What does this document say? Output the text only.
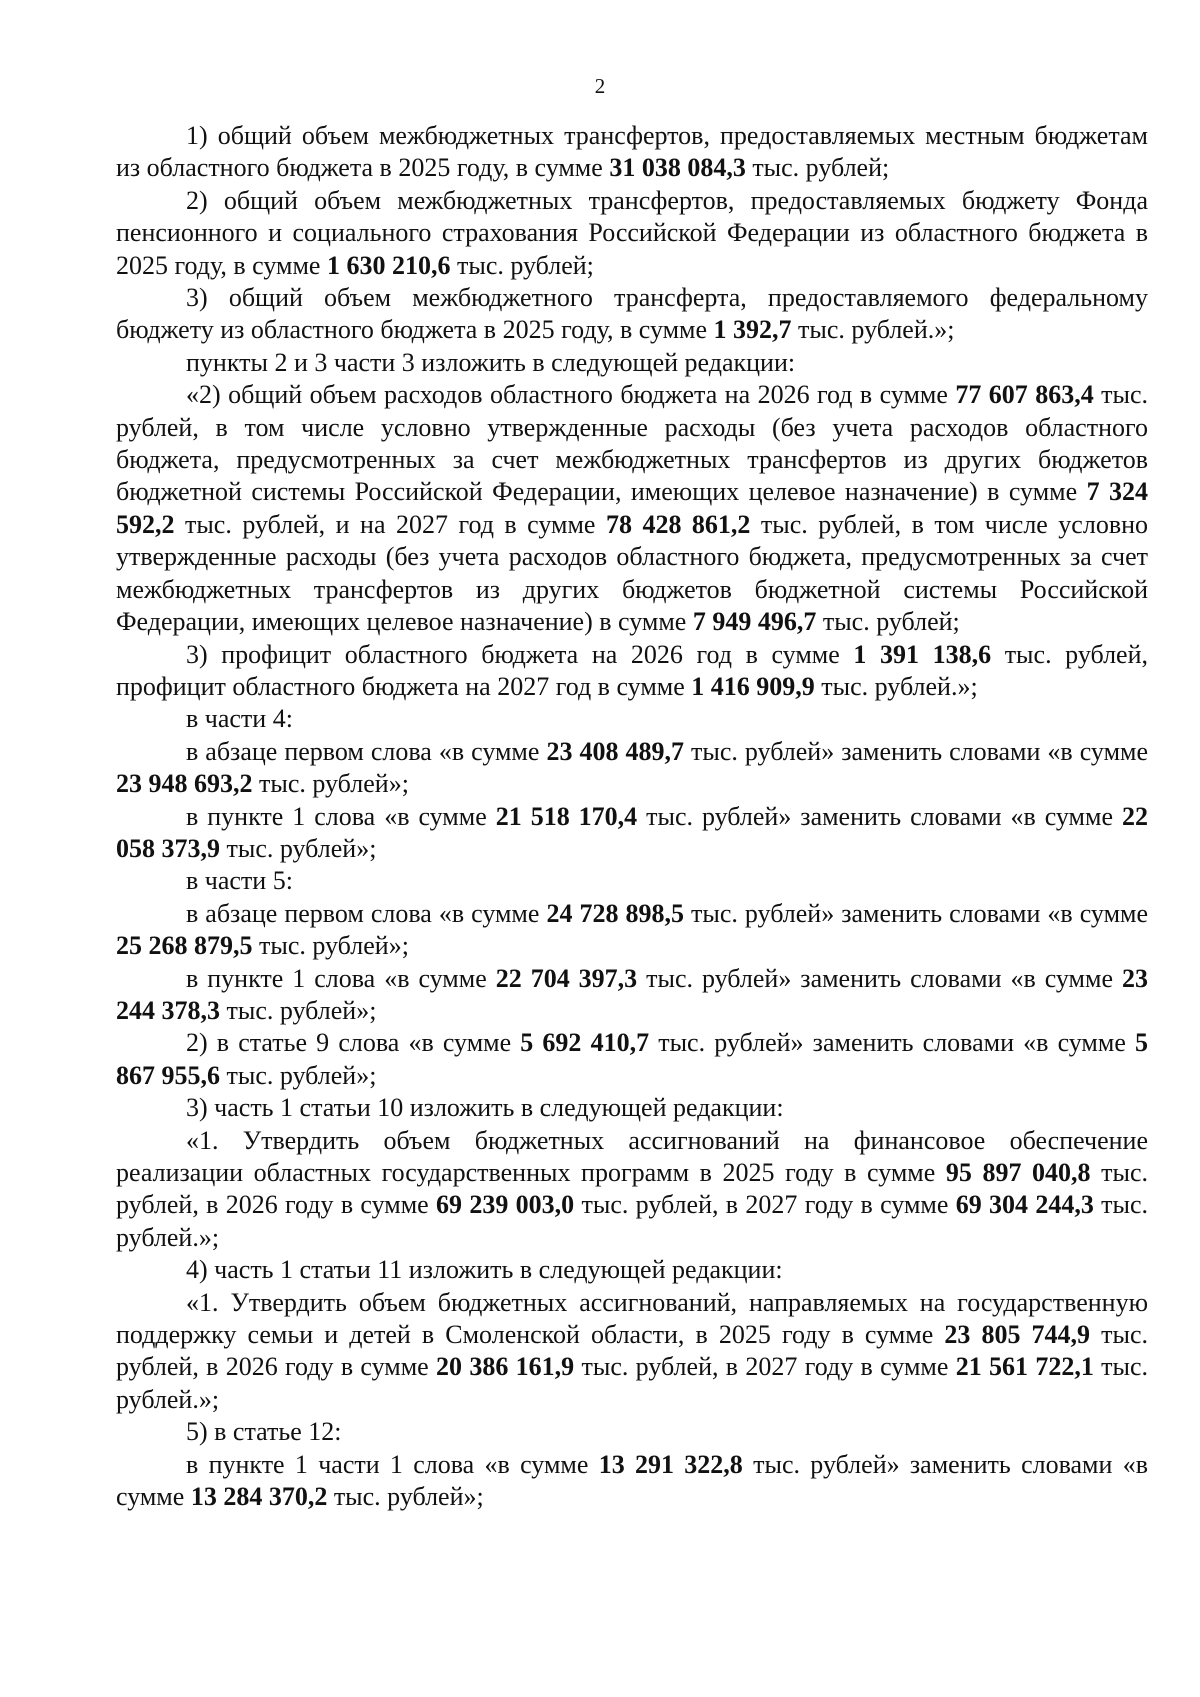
2

1) общий объем межбюджетных трансфертов, предоставляемых местным бюджетам из областного бюджета в 2025 году, в сумме 31 038 084,3 тыс. рублей;

2) общий объем межбюджетных трансфертов, предоставляемых бюджету Фонда пенсионного и социального страхования Российской Федерации из областного бюджета в 2025 году, в сумме 1 630 210,6 тыс. рублей;

3) общий объем межбюджетного трансферта, предоставляемого федеральному бюджету из областного бюджета в 2025 году, в сумме 1 392,7 тыс. рублей.»;

пункты 2 и 3 части 3 изложить в следующей редакции:

«2) общий объем расходов областного бюджета на 2026 год в сумме 77 607 863,4 тыс. рублей, в том числе условно утвержденные расходы (без учета расходов областного бюджета, предусмотренных за счет межбюджетных трансфертов из других бюджетов бюджетной системы Российской Федерации, имеющих целевое назначение) в сумме 7 324 592,2 тыс. рублей, и на 2027 год в сумме 78 428 861,2 тыс. рублей, в том числе условно утвержденные расходы (без учета расходов областного бюджета, предусмотренных за счет межбюджетных трансфертов из других бюджетов бюджетной системы Российской Федерации, имеющих целевое назначение) в сумме 7 949 496,7 тыс. рублей;

3) профицит областного бюджета на 2026 год в сумме 1 391 138,6 тыс. рублей, профицит областного бюджета на 2027 год в сумме 1 416 909,9 тыс. рублей.»;

в части 4:

в абзаце первом слова «в сумме 23 408 489,7 тыс. рублей» заменить словами «в сумме 23 948 693,2 тыс. рублей»;

в пункте 1 слова «в сумме 21 518 170,4 тыс. рублей» заменить словами «в сумме 22 058 373,9 тыс. рублей»;

в части 5:

в абзаце первом слова «в сумме 24 728 898,5 тыс. рублей» заменить словами «в сумме 25 268 879,5 тыс. рублей»;

в пункте 1 слова «в сумме 22 704 397,3 тыс. рублей» заменить словами «в сумме 23 244 378,3 тыс. рублей»;

2) в статье 9 слова «в сумме 5 692 410,7 тыс. рублей» заменить словами «в сумме 5 867 955,6 тыс. рублей»;

3) часть 1 статьи 10 изложить в следующей редакции:

«1. Утвердить объем бюджетных ассигнований на финансовое обеспечение реализации областных государственных программ в 2025 году в сумме 95 897 040,8 тыс. рублей, в 2026 году в сумме 69 239 003,0 тыс. рублей, в 2027 году в сумме 69 304 244,3 тыс. рублей.»;

4) часть 1 статьи 11 изложить в следующей редакции:

«1. Утвердить объем бюджетных ассигнований, направляемых на государственную поддержку семьи и детей в Смоленской области, в 2025 году в сумме 23 805 744,9 тыс. рублей, в 2026 году в сумме 20 386 161,9 тыс. рублей, в 2027 году в сумме 21 561 722,1 тыс. рублей.»;

5) в статье 12:

в пункте 1 части 1 слова «в сумме 13 291 322,8 тыс. рублей» заменить словами «в сумме 13 284 370,2 тыс. рублей»;
